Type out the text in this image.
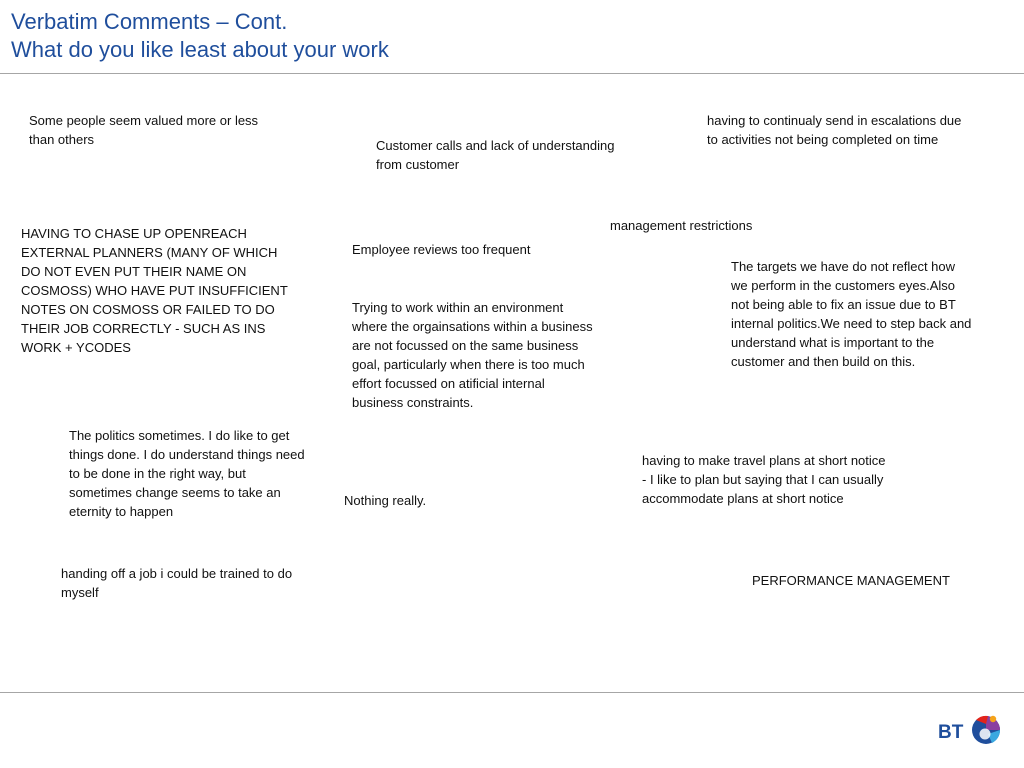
Verbatim Comments – Cont.
What do you like least about your work

Some people seem valued more or less
than others	Customer calls and lack of understanding
from customer

having to continualy send in escalations due
to activities not being completed on time

management restrictions

HAVING TO CHASE UP OPENREACH
EXTERNAL PLANNERS (MANY OF WHICH
DO NOT EVEN PUT THEIR NAME ON
COSMOSS) WHO HAVE PUT INSUFFICIENT
NOTES ON COSMOSS OR FAILED TO DO
THEIR JOB CORRECTLY - SUCH AS INS
WORK + YCODES

Employee reviews too frequent

The targets we have do not reflect how
we perform in the customers eyes.Also
not being able to fix an issue due to BT
internal politics.We need to step back and
understand what is important to the
customer and then build on this.

Trying to work within an environment
where the orgainsations within a business
are not focussed on the same business
goal, particularly when there is too much
effort focussed on atificial internal
business constraints.

The politics sometimes. I do like to get
things done. I do understand things need
to be done in the right way, but
sometimes change seems to take an
eternity to happen

having to make travel plans at short notice
- I like to plan but saying that I can usually
accommodate plans at short notice

Nothing really.

handing off a job i could be trained to do
myself

PERFORMANCE MANAGEMENT

BT
